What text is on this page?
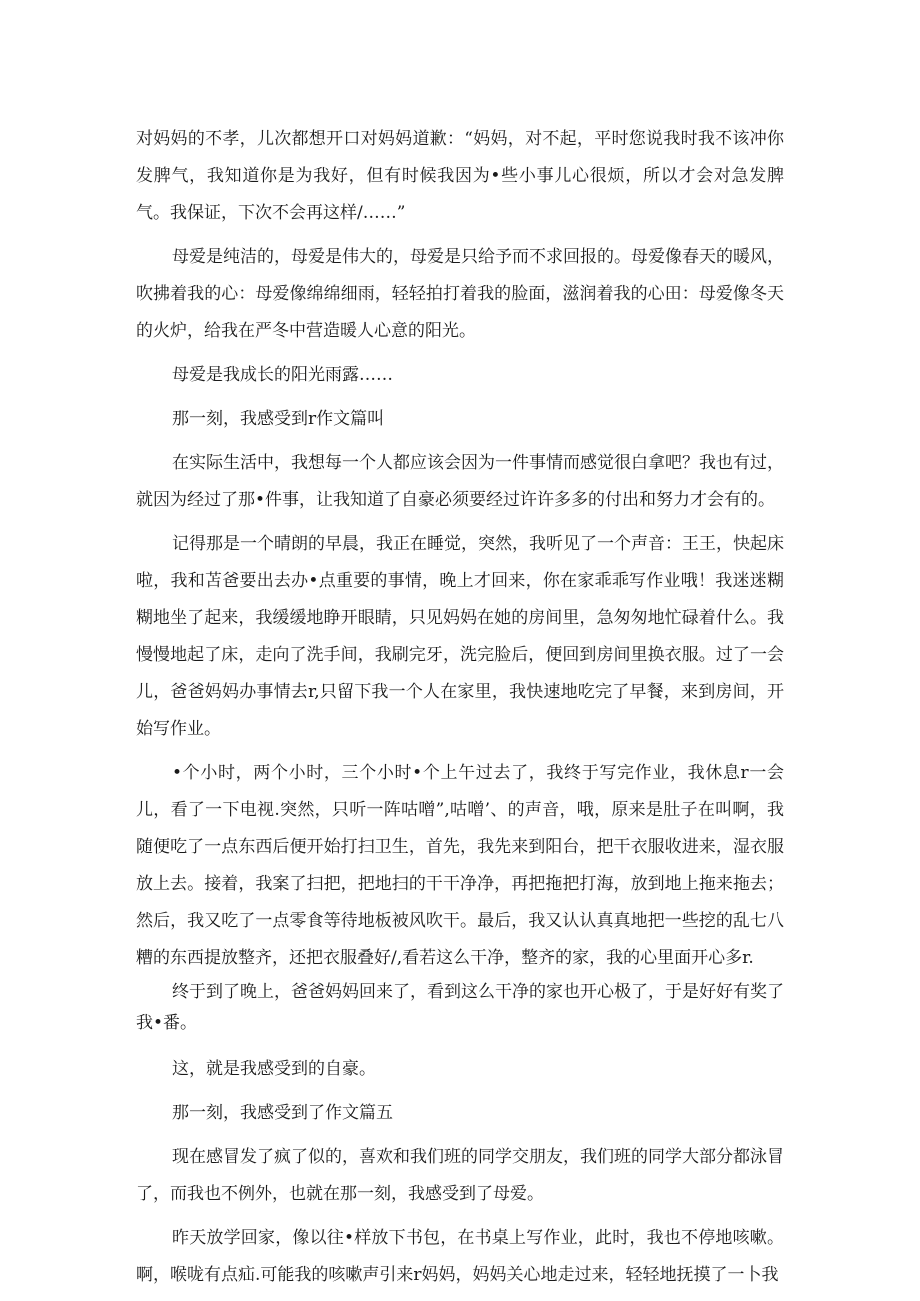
对妈妈的不孝，儿次都想开口对妈妈道歉：“妈妈，对不起，平时您说我时我不该冲你发脾气，我知道你是为我好，但有时候我因为•些小事儿心很烦，所以才会对急发脾气。我保证，下次不会再这样/……”

母爱是纯洁的，母爱是伟大的，母爱是只给予而不求回报的。母爱像春天的暖风，吹拂着我的心：母爱像绵绵细雨，轻轻拍打着我的脸面，滋润着我的心田：母爱像冬天的火炉，给我在严冬中营造暖人心意的阳光。

母爱是我成长的阳光雨露……

那一刻，我感受到r作文篇叫

在实际生活中，我想每一个人都应该会因为一件事情而感觉很白拿吧？我也有过，就因为经过了那•件事，让我知道了自豪必须要经过许许多多的付出和努力才会有的。

记得那是一个晴朗的早晨，我正在睡觉，突然，我听见了一个声音：王王，快起床啦，我和苫爸要出去办•点重要的事情，晚上才回来，你在家乖乖写作业哦！我迷迷糊糊地坐了起来，我缓缓地睁开眼睛，只见妈妈在她的房间里，急匆匆地忙碌着什么。我慢慢地起了床，走向了洗手间，我刷完牙，洗完脸后，便回到房间里换衣服。过了一会儿，爸爸妈妈办事情去r,只留下我一个人在家里，我快速地吃完了早餐，来到房间，开始写作业。

•个小时，两个小时，三个小时•个上午过去了，我终于写完作业，我休息r一会儿，看了一下电视.突然，只听一阵咕噌”,咕噌’、的声音，哦，原来是肚子在叫啊，我随便吃了一点东西后便开始打扫卫生，首先，我先来到阳台，把干衣服收进来，湿衣服放上去。接着，我案了扫把，把地扫的干干净净，再把拖把打海，放到地上拖来拖去；然后，我又吃了一点零食等待地板被风吹干。最后，我又认认真真地把一些挖的乱七八糟的东西提放整齐，还把衣服叠好/,看若这么干净，整齐的家，我的心里面开心多r.

终于到了晚上，爸爸妈妈回来了，看到这么干净的家也开心极了，于是好好有奖了我•番。

这，就是我感受到的自豪。

那一刻，我感受到了作文篇五

现在感冒发了疯了似的，喜欢和我们班的同学交朋友，我们班的同学大部分都泳冒了，而我也不例外，也就在那一刻，我感受到了母爱。

昨天放学回家，像以往•样放下书包，在书桌上写作业，此时，我也不停地咳嗽。啊，喉咙有点疝.可能我的咳嗽声引来r妈妈，妈妈关心地走过来，轻轻地抚摸了一卜我
